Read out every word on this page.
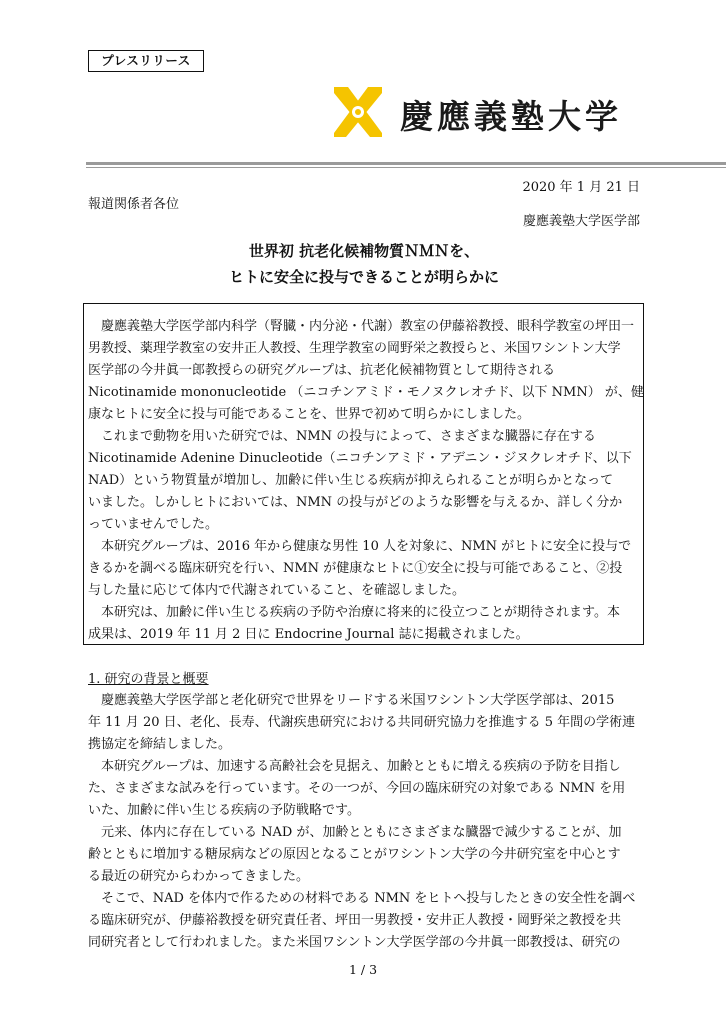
プレスリリース
慶應義塾大学
2020 年 1 月 21 日
報道関係者各位
慶應義塾大学医学部
世界初 抗老化候補物質ＮＭＮを、
ヒトに安全に投与できることが明らかに

　慶應義塾大学医学部内科学（腎臓・内分泌・代謝）教室の伊藤裕教授、眼科学教室の坪田一

男教授、薬理学教室の安井正人教授、生理学教室の岡野栄之教授らと、米国ワシントン大学

医学部の今井眞一郎教授らの研究グループは、抗老化候補物質として期待される

Nicotinamide mononucleotide （ニコチンアミド・モノヌクレオチド、以下 NMN） が、健

康なヒトに安全に投与可能であることを、世界で初めて明らかにしました。

　これまで動物を用いた研究では、NMN の投与によって、さまざまな臓器に存在する

Nicotinamide Adenine Dinucleotide（ニコチンアミド・アデニン・ジヌクレオチド、以下

NAD）という物質量が増加し、加齢に伴い生じる疾病が抑えられることが明らかとなって

いました。しかしヒトにおいては、NMN の投与がどのような影響を与えるか、詳しく分か

っていませんでした。

　本研究グループは、2016 年から健康な男性 10 人を対象に、NMN がヒトに安全に投与で

きるかを調べる臨床研究を行い、NMN が健康なヒトに①安全に投与可能であること、②投

与した量に応じて体内で代謝されていること、を確認しました。

　本研究は、加齢に伴い生じる疾病の予防や治療に将来的に役立つことが期待されます。本

成果は、2019 年 11 月 2 日に Endocrine Journal 誌に掲載されました。

1. 研究の背景と概要

　慶應義塾大学医学部と老化研究で世界をリードする米国ワシントン大学医学部は、2015

年 11 月 20 日、老化、長寿、代謝疾患研究における共同研究協力を推進する 5 年間の学術連

携協定を締結しました。

　本研究グループは、加速する高齢社会を見据え、加齢とともに増える疾病の予防を目指し

た、さまざまな試みを行っています。その一つが、今回の臨床研究の対象である NMN を用

いた、加齢に伴い生じる疾病の予防戦略です。

　元来、体内に存在している NAD が、加齢とともにさまざまな臓器で減少することが、加

齢とともに増加する糖尿病などの原因となることがワシントン大学の今井研究室を中心とす

る最近の研究からわかってきました。

　そこで、NAD を体内で作るための材料である NMN をヒトへ投与したときの安全性を調べ

る臨床研究が、伊藤裕教授を研究責任者、坪田一男教授・安井正人教授・岡野栄之教授を共

同研究者として行われました。また米国ワシントン大学医学部の今井眞一郎教授は、研究の

1 / 3
